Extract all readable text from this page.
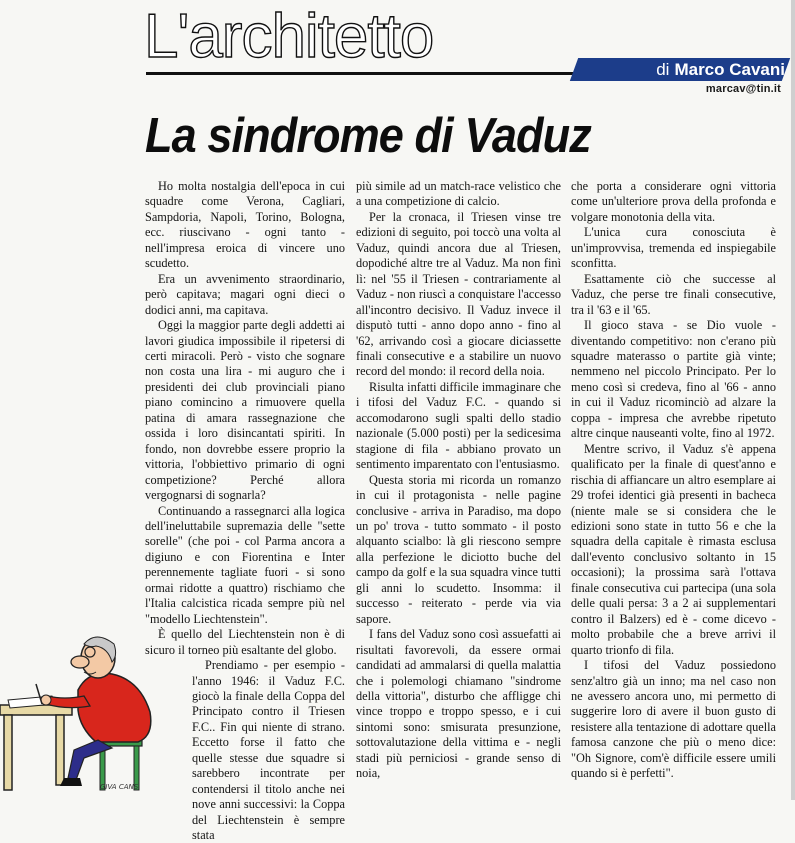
L'architetto	di Marco Cavani
marcav@tin.it
La sindrome di Vaduz

Ho molta nostalgia dell'epoca in cui squadre come Verona, Cagliari, Sampdoria, Napoli, Torino, Bologna, ecc. riuscivano - ogni tanto - nell'impresa eroica di vincere uno scudetto.

Era un avvenimento straordinario, però capitava; magari ogni dieci o dodici anni, ma capitava.

Oggi la maggior parte degli addetti ai lavori giudica impossibile il ripetersi di certi miracoli. Però - visto che sognare non costa una lira - mi auguro che i presidenti dei club provinciali piano piano comincino a rimuovere quella patina di amara rassegnazione che ossida i loro disincantati spiriti. In fondo, non dovrebbe essere proprio la vittoria, l'obbiettivo primario di ogni competizione? Perché allora vergognarsi di sognarla?

Continuando a rassegnarci alla logica dell'ineluttabile supremazia delle "sette sorelle" (che poi - col Parma ancora a digiuno e con Fiorentina e Inter perennemente tagliate fuori - si sono ormai ridotte a quattro) rischiamo che l'Italia calcistica ricada sempre più nel "modello Liechtenstein".

È quello del Liechtenstein non è di sicuro il torneo più esaltante del globo.

Prendiamo - per esempio - l'anno 1946: il Vaduz F.C. giocò la finale della Coppa del Principato contro il Triesen F.C.. Fin qui niente di strano. Eccetto forse il fatto che quelle stesse due squadre si sarebbero incontrate per contendersi il titolo anche nei nove anni successivi: la Coppa del Liechtenstein è sempre stata

più simile ad un match-race velistico che a una competizione di calcio.

Per la cronaca, il Triesen vinse tre edizioni di seguito, poi toccò una volta al Vaduz, quindi ancora due al Triesen, dopodiché altre tre al Vaduz. Ma non finì lì: nel '55 il Triesen - contrariamente al Vaduz - non riuscì a conquistare l'accesso all'incontro decisivo. Il Vaduz invece il disputò tutti - anno dopo anno - fino al '62, arrivando così a giocare diciassette finali consecutive e a stabilire un nuovo record del mondo: il record della noia.

Risulta infatti difficile immaginare che i tifosi del Vaduz F.C. - quando si accomodarono sugli spalti dello stadio nazionale (5.000 posti) per la sedicesima stagione di fila - abbiano provato un sentimento imparentato con l'entusiasmo.

Questa storia mi ricorda un romanzo in cui il protagonista - nelle pagine conclusive - arriva in Paradiso, ma dopo un po' trova - tutto sommato - il posto alquanto scialbo: là gli riescono sempre alla perfezione le diciotto buche del campo da golf e la sua squadra vince tutti gli anni lo scudetto. Insomma: il successo - reiterato - perde via via sapore.

I fans del Vaduz sono così assuefatti ai risultati favorevoli, da essere ormai candidati ad ammalarsi di quella malattia che i polemologi chiamano "sindrome della vittoria", disturbo che affligge chi vince troppo e troppo spesso, e i cui sintomi sono: smisurata presunzione, sottovalutazione della vittima e - negli stadi più perniciosi - grande senso di noia,

che porta a considerare ogni vittoria come un'ulteriore prova della profonda e volgare monotonia della vita.

L'unica cura conosciuta è un'improvvisa, tremenda ed inspiegabile sconfitta.

Esattamente ciò che successe al Vaduz, che perse tre finali consecutive, tra il '63 e il '65.

Il gioco stava - se Dio vuole - diventando competitivo: non c'erano più squadre materasso o partite già vinte; nemmeno nel piccolo Principato. Per lo meno così si credeva, fino al '66 - anno in cui il Vaduz ricominciò ad alzare la coppa - impresa che avrebbe ripetuto altre cinque nauseanti volte, fino al 1972.

Mentre scrivo, il Vaduz s'è appena qualificato per la finale di quest'anno e rischia di affiancare un altro esemplare ai 29 trofei identici già presenti in bacheca (niente male se si considera che le edizioni sono state in tutto 56 e che la squadra della capitale è rimasta esclusa dall'evento conclusivo soltanto in 15 occasioni); la prossima sarà l'ottava finale consecutiva cui partecipa (una sola delle quali persa: 3 a 2 ai supplementari contro il Balzers) ed è - come dicevo - molto probabile che a breve arrivi il quarto trionfo di fila.

I tifosi del Vaduz possiedono senz'altro già un inno; ma nel caso non ne avessero ancora uno, mi permetto di suggerire loro di avere il buon gusto di resistere alla tentazione di adottare quella famosa canzone che più o meno dice: "Oh Signore, com'è difficile essere umili quando si è perfetti".

GIVA CANS
